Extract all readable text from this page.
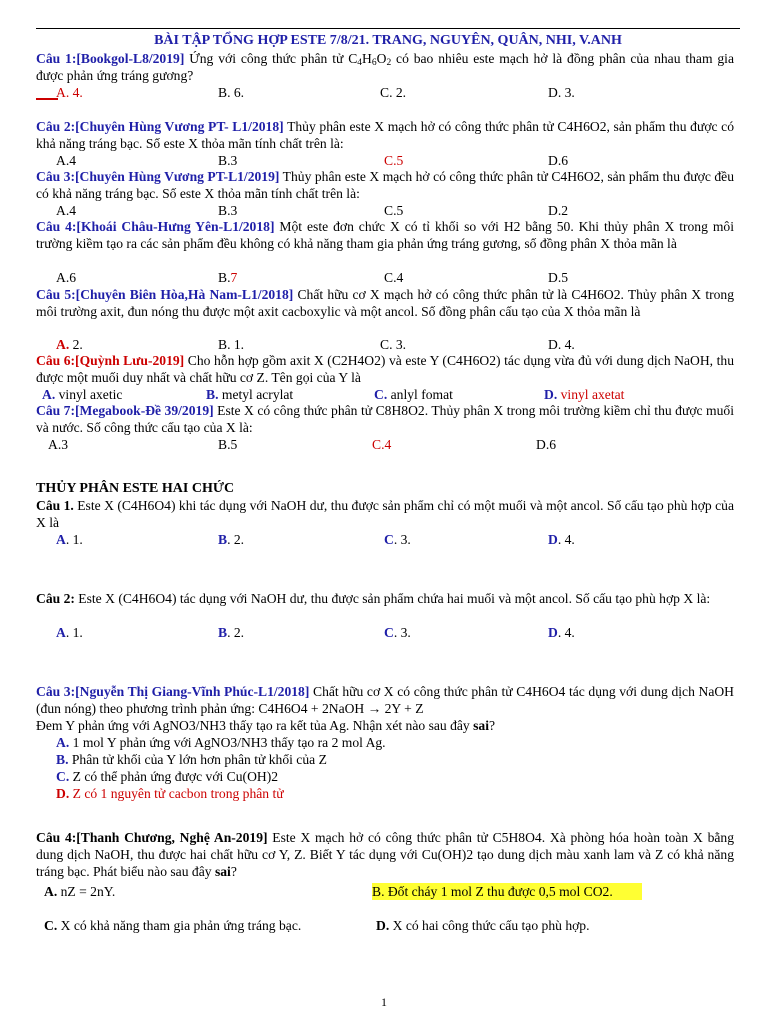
BÀI TẬP TỔNG HỢP ESTE 7/8/21. TRANG, NGUYÊN, QUÂN, NHI, V.ANH
Câu 1:[Bookgol-L8/2019] Ứng với công thức phân tử $C_4H_6O_2$ có bao nhiêu este mạch hở là đồng phân của nhau tham gia được phản ứng tráng gương?
A. 4.	B. 6.	C. 2.	D. 3.
Câu 2:[Chuyên Hùng Vương PT- L1/2018] Thủy phân este X mạch hở có công thức phân tử C4H6O2, sản phẩm thu được có khả năng tráng bạc. Số este X thỏa mãn tính chất trên là:
A.4	B.3	C.5	D.6
Câu 3:[Chuyên Hùng Vương PT-L1/2019] Thủy phân este X mạch hở có công thức phân tử C4H6O2, sản phẩm thu được đều có khả năng tráng bạc. Số este X thỏa mãn tính chất trên là:
A.4	B.3	C.5	D.2
Câu 4:[Khoái Châu-Hưng Yên-L1/2018] Một este đơn chức X có tỉ khối so với H2 bằng 50. Khi thủy phân X trong môi trường kiềm tạo ra các sản phẩm đều không có khả năng tham gia phản ứng tráng gương, số đồng phân X thỏa mãn là
A.6	B.7	C.4	D.5
Câu 5:[Chuyên Biên Hòa,Hà Nam-L1/2018] Chất hữu cơ X mạch hở có công thức phân tử là C4H6O2. Thủy phân X trong môi trường axit, đun nóng thu được một axit cacboxylic và một ancol. Số đồng phân cấu tạo của X thỏa mãn là
A. 2.	B. 1.	C. 3.	D. 4.
Câu 6:[Quỳnh Lưu-2019] Cho hỗn hợp gồm axit X (C2H4O2) và este Y (C4H6O2) tác dụng vừa đủ với dung dịch NaOH, thu được một muối duy nhất và chất hữu cơ Z. Tên gọi của Y là
A. vinyl axetic	B. metyl acrylat	C. anlyl fomat	D. vinyl axetat
Câu 7:[Megabook-Đề 39/2019] Este X có công thức phân tử C8H8O2. Thủy phân X trong môi trường kiềm chỉ thu được muối và nước. Số công thức cấu tạo của X là:
A.3	B.5	C.4	D.6
THỦY PHÂN ESTE HAI CHỨC
Câu 1. Este X (C4H6O4) khi tác dụng với NaOH dư, thu được sản phẩm chỉ có một muối và một ancol. Số cấu tạo phù hợp của X là
A. 1.	B. 2.	C. 3.	D. 4.
Câu 2: Este X (C4H6O4) tác dụng với NaOH dư, thu được sản phẩm chứa hai muối và một ancol. Số cấu tạo phù hợp X là:
A. 1.	B. 2.	C. 3.	D. 4.
Câu 3:[Nguyễn Thị Giang-Vĩnh Phúc-L1/2018] Chất hữu cơ X có công thức phân tử C4H6O4 tác dụng với dung dịch NaOH (đun nóng) theo phương trình phản ứng: C4H6O4 + 2NaOH → 2Y + Z
Đem Y phản ứng với AgNO3/NH3 thấy tạo ra kết tủa Ag. Nhận xét nào sau đây sai?
A. 1 mol Y phản ứng với AgNO3/NH3 thấy tạo ra 2 mol Ag.
B. Phân tử khối của Y lớn hơn phân tử khối của Z
C. Z có thể phản ứng được với Cu(OH)2
D. Z có 1 nguyên tử cacbon trong phân tử
Câu 4:[Thanh Chương, Nghệ An-2019] Este X mạch hở có công thức phân tử C5H8O4. Xà phòng hóa hoàn toàn X bằng dung dịch NaOH, thu được hai chất hữu cơ Y, Z. Biết Y tác dụng với Cu(OH)2 tạo dung dịch màu xanh lam và Z có khả năng tráng bạc. Phát biểu nào sau đây sai?
A. nZ = 2nY.	B. Đốt cháy 1 mol Z thu được 0,5 mol CO2.
C. X có khả năng tham gia phản ứng tráng bạc.	D. X có hai công thức cấu tạo phù hợp.
1
